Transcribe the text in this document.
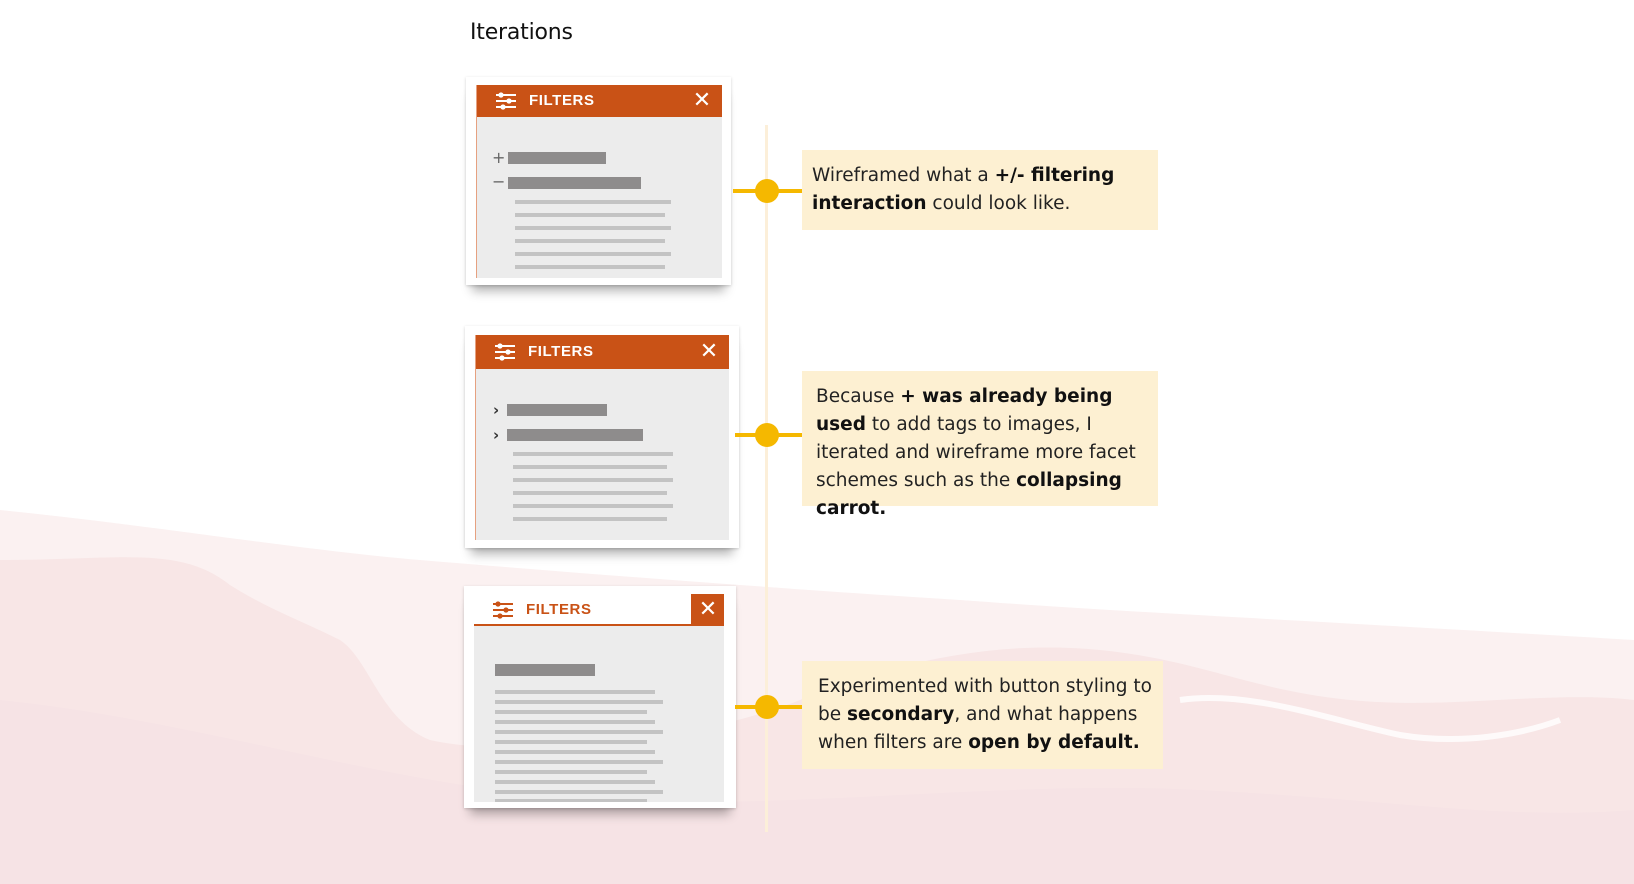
Iterations
FILTERS	✕
+
−	Wireframed what a +/- filtering interaction could look like.
FILTERS	✕
›
›
Because + was already being used to add tags to images, I iterated and wireframe more facet schemes such as the collapsing carrot.
FILTERS	✕
Experimented with button styling to be secondary, and what happens when filters are open by default.
